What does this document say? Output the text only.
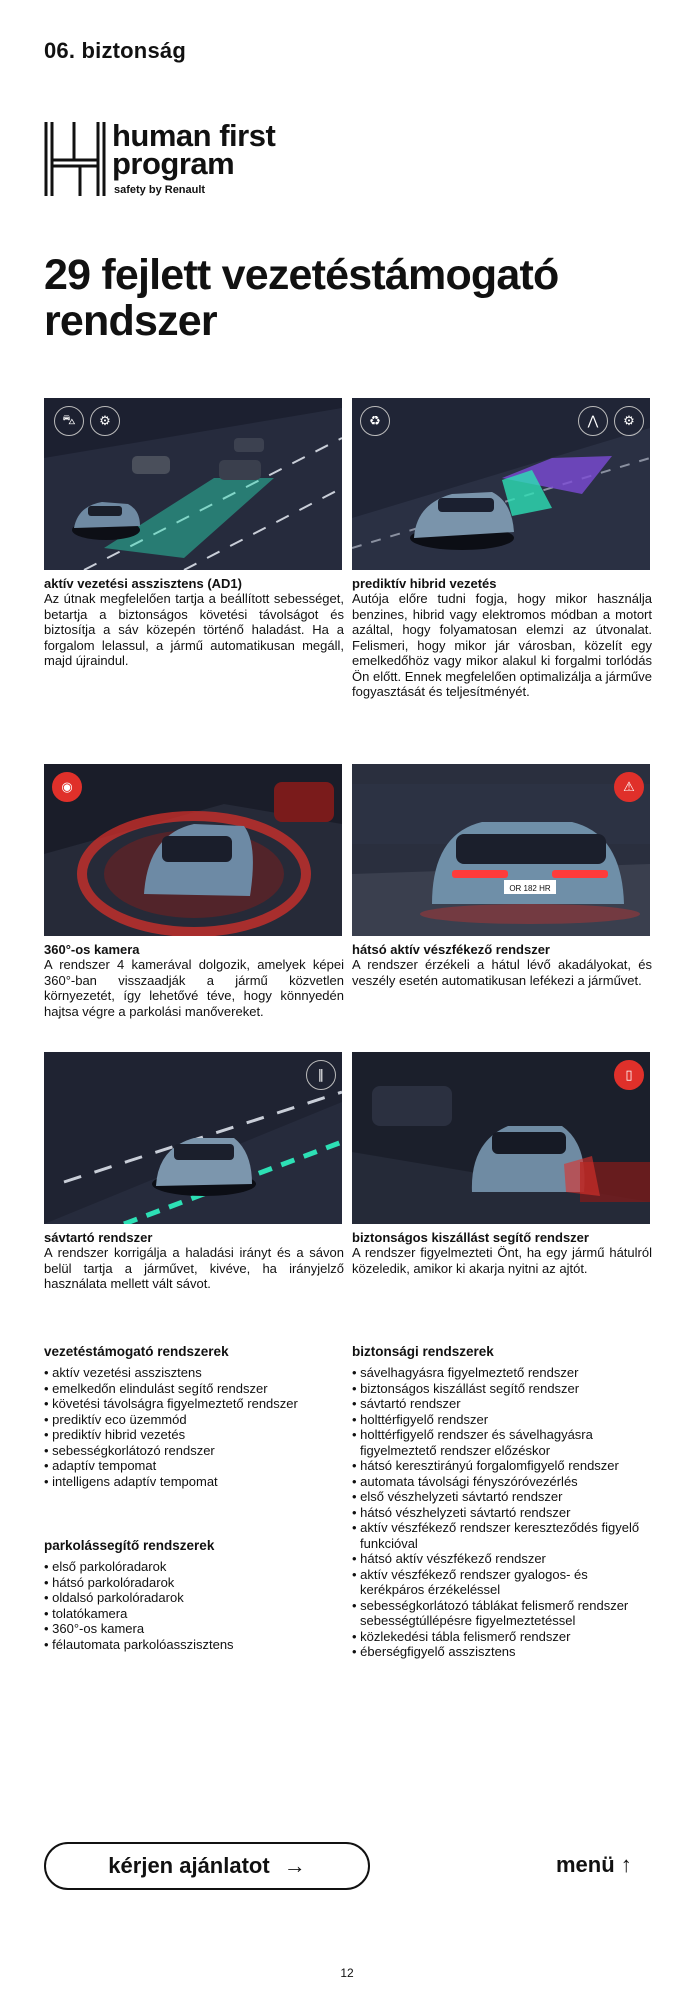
06. biztonság
human first
program
safety by Renault
29 fejlett vezetéstámogató rendszer
⛍	⚙
aktív vezetési asszisztens (AD1)

Az útnak megfelelően tartja a beállított sebességet, betartja a biztonságos követési távolságot és biztosítja a sáv közepén történő haladást. Ha a forgalom lelassul, a jármű automatikusan megáll, majd újraindul.

♻	⋀	⚙
prediktív hibrid vezetés

Autója előre tudni fogja, hogy mikor használja benzines, hibrid vagy elektromos módban a motort azáltal, hogy folyamatosan elemzi az útvonalat. Felismeri, hogy mikor jár városban, közelít egy emelkedőhöz vagy mikor alakul ki forgalmi torlódás Ön előtt. Ennek megfelelően optimalizálja a járműve fogyasztását és teljesítményét.

◉
360°-os kamera

A rendszer 4 kamerával dolgozik, amelyek képei 360°-ban visszaadják a jármű közvetlen környezetét, így lehetővé téve, hogy könnyedén hajtsa végre a parkolási manővereket.

OR 182 HR
⚠
hátsó aktív vészfékező rendszer

A rendszer érzékeli a hátul lévő akadályokat, és veszély esetén automatikusan lefékezi a járművet.

∥
sávtartó rendszer

A rendszer korrigálja a haladási irányt és a sávon belül tartja a járművet, kivéve, ha irányjelző használata mellett vált sávot.

▯
biztonságos kiszállást segítő rendszer

A rendszer figyelmezteti Önt, ha egy jármű hátulról közeledik, amikor ki akarja nyitni az ajtót.

vezetéstámogató rendszerek
• aktív vezetési asszisztens
• emelkedőn elindulást segítő rendszer
• követési távolságra figyelmeztető rendszer
• prediktív eco üzemmód
• prediktív hibrid vezetés
• sebességkorlátozó rendszer
• adaptív tempomat
• intelligens adaptív tempomat
parkolássegítő rendszerek
• első parkolóradarok
• hátsó parkolóradarok
• oldalsó parkolóradarok
• tolatókamera
• 360°-os kamera
• félautomata parkolóasszisztens
biztonsági rendszerek
• sávelhagyásra figyelmeztető rendszer
• biztonságos kiszállást segítő rendszer
• sávtartó rendszer
• holttérfigyelő rendszer
• holttérfigyelő rendszer és sávelhagyásra figyelmeztető rendszer előzéskor
• hátsó keresztirányú forgalomfigyelő rendszer
• automata távolsági fényszóróvezérlés
• első vészhelyzeti sávtartó rendszer
• hátsó vészhelyzeti sávtartó rendszer
• aktív vészfékező rendszer kereszteződés figyelő funkcióval
• hátsó aktív vészfékező rendszer
• aktív vészfékező rendszer gyalogos- és kerékpáros érzékeléssel
• sebességkorlátozó táblákat felismerő rendszer sebességtúllépésre figyelmeztetéssel
• közlekedési tábla felismerő rendszer
• éberségfigyelő asszisztens
kérjen ajánlatot →	menü ↑
12
